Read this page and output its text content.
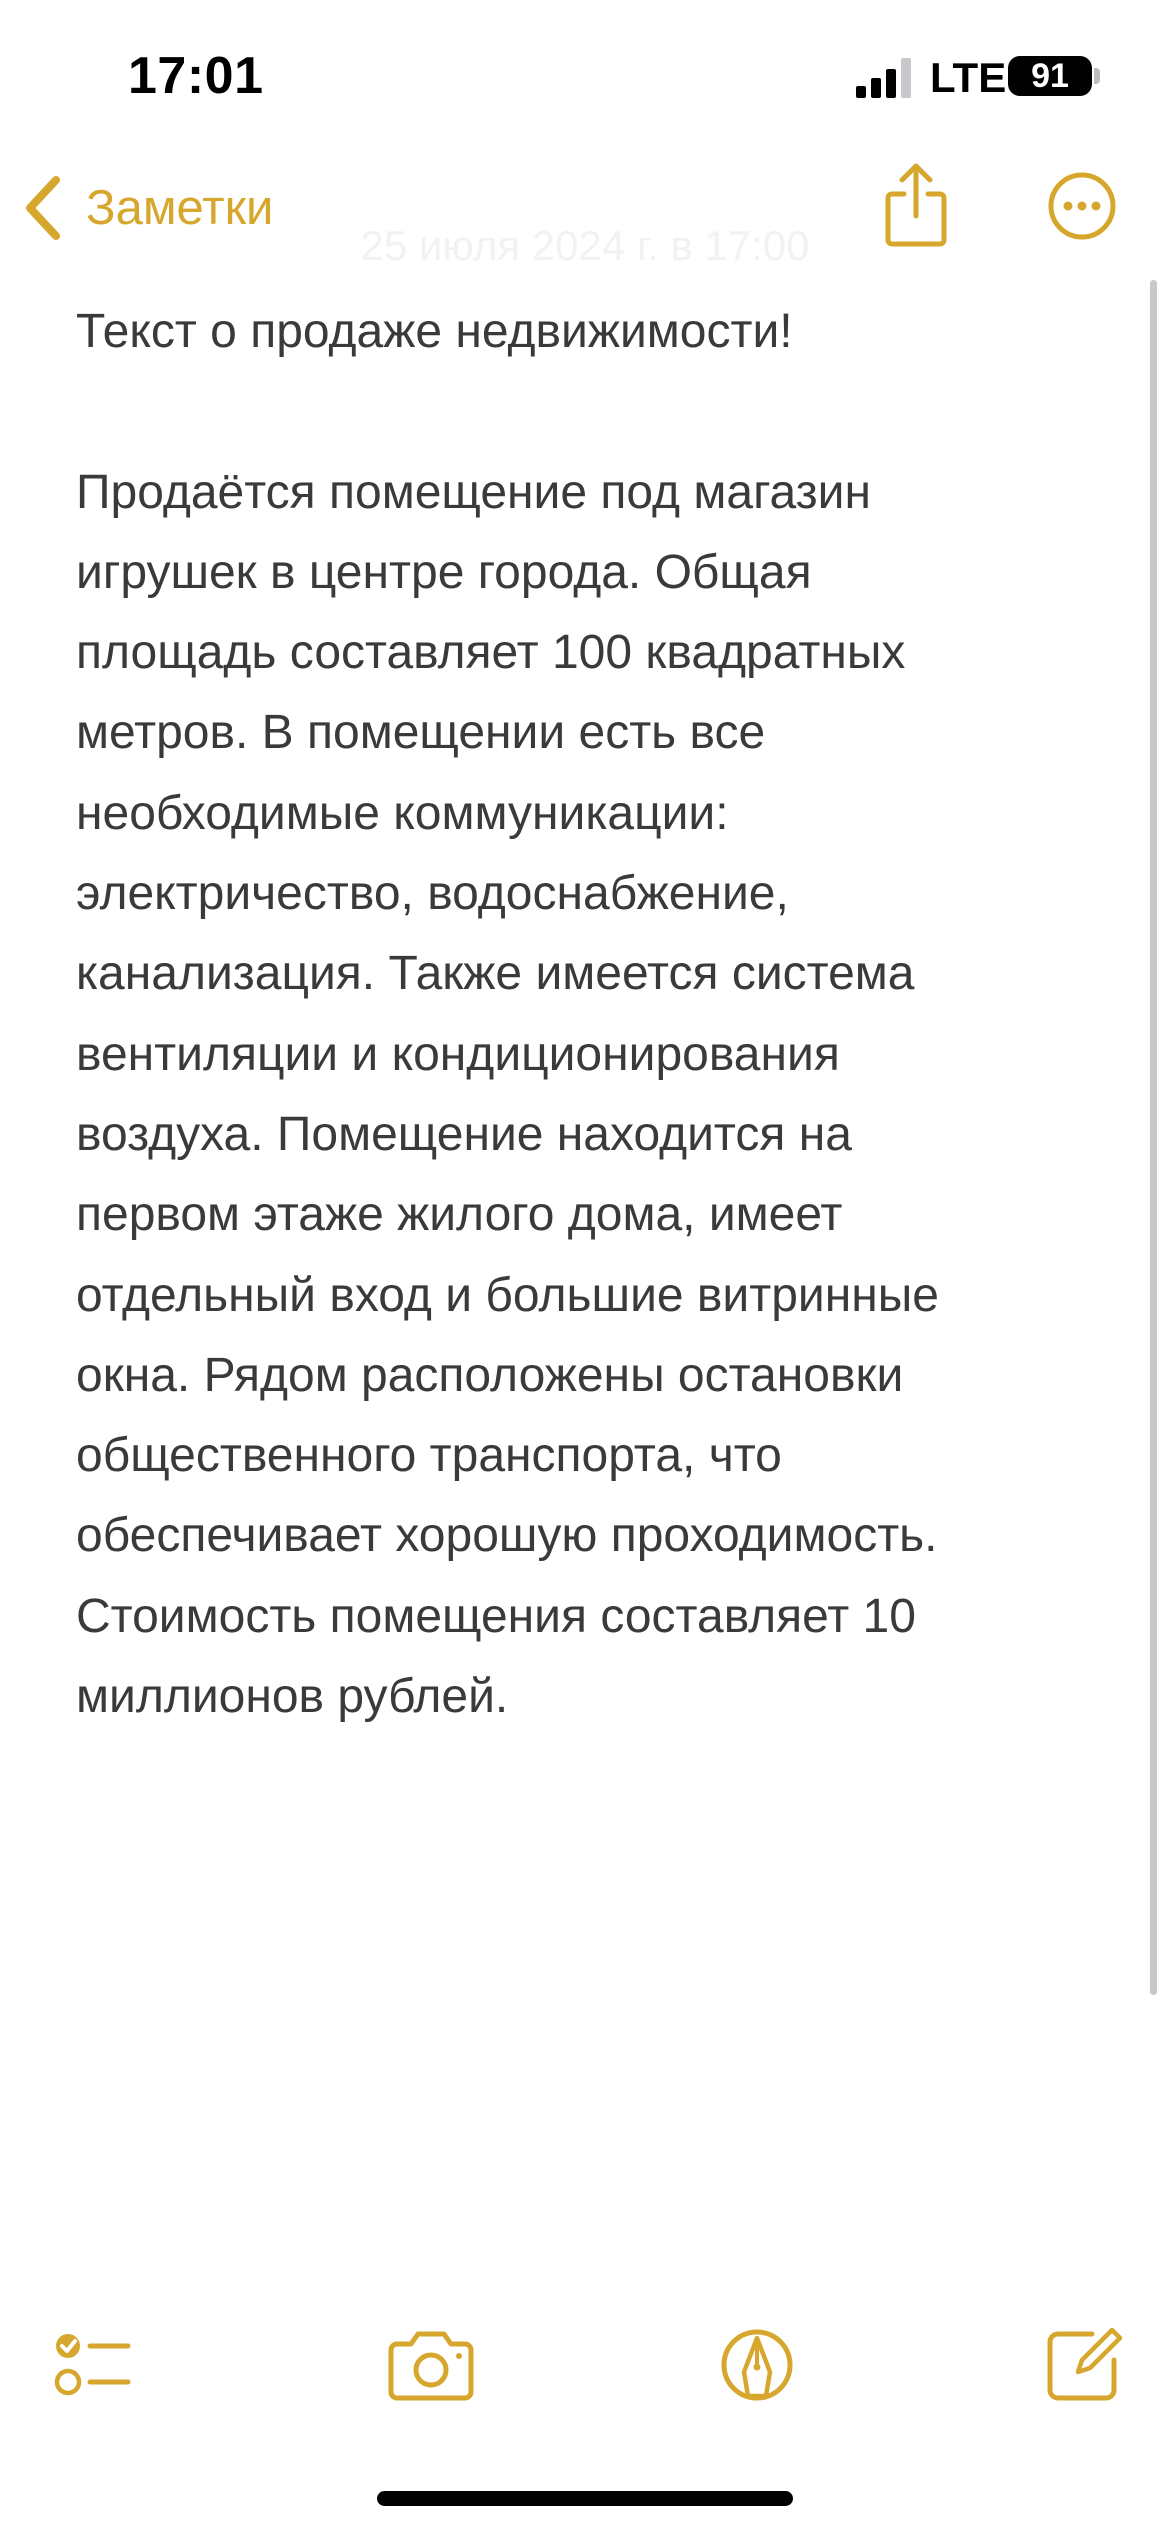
17:01	LTE 91
25 июля 2024 г. в 17:00
Заметки
Текст о продаже недвижимости!
Продаётся помещение под магазин
игрушек в центре города. Общая
площадь составляет 100 квадратных
метров. В помещении есть все
необходимые коммуникации:
электричество, водоснабжение,
канализация. Также имеется система
вентиляции и кондиционирования
воздуха. Помещение находится на
первом этаже жилого дома, имеет
отдельный вход и большие витринные
окна. Рядом расположены остановки
общественного транспорта, что
обеспечивает хорошую проходимость.
Стоимость помещения составляет 10
миллионов рублей.
